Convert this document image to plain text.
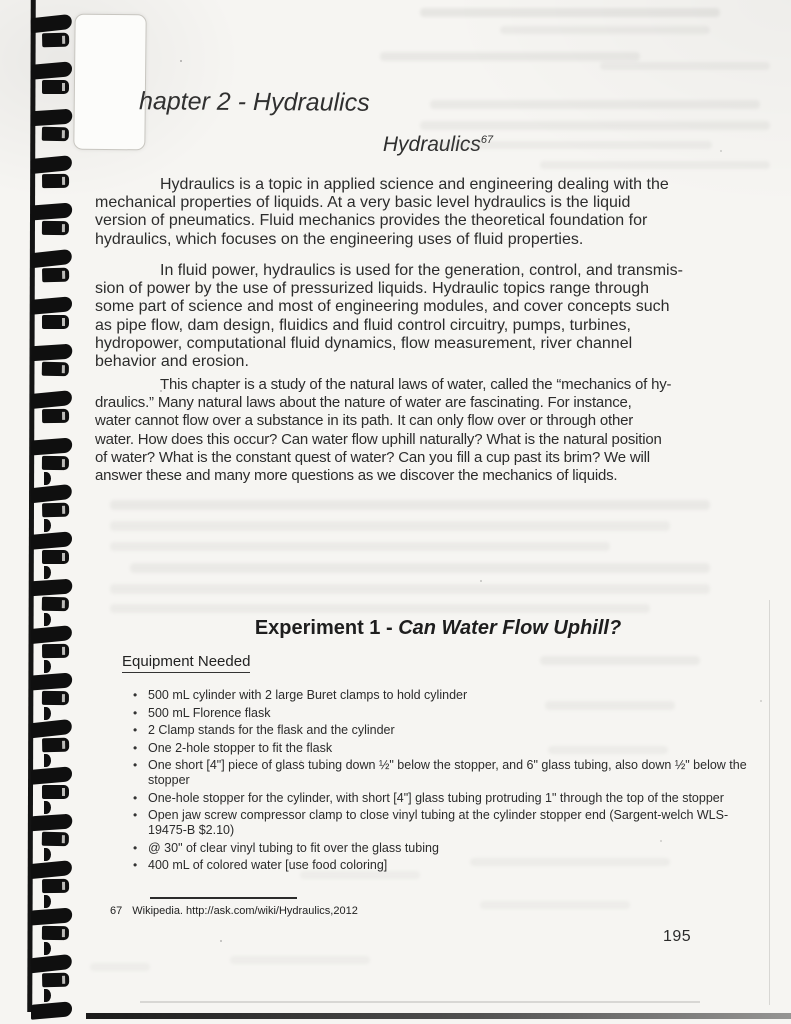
hapter 2 - Hydraulics
Hydraulics$^{67}$
Hydraulics is a topic in applied science and engineering dealing with the
mechanical properties of liquids. At a very basic level hydraulics is the liquid
version of pneumatics. Fluid mechanics provides the theoretical foundation for
hydraulics, which focuses on the engineering uses of fluid properties.
In fluid power, hydraulics is used for the generation, control, and transmis-
sion of power by the use of pressurized liquids. Hydraulic topics range through
some part of science and most of engineering modules, and cover concepts such
as pipe flow, dam design, fluidics and fluid control circuitry, pumps, turbines,
hydropower, computational fluid dynamics, flow measurement, river channel
behavior and erosion.
This chapter is a study of the natural laws of water, called the “mechanics of hy-
draulics.” Many natural laws about the nature of water are fascinating. For instance,
water cannot flow over a substance in its path. It can only flow over or through other
water. How does this occur? Can water flow uphill naturally? What is the natural position
of water? What is the constant quest of water? Can you fill a cup past its brim? We will
answer these and many more questions as we discover the mechanics of liquids.
Experiment 1 - Can Water Flow Uphill?
Equipment Needed
• 500 mL cylinder with 2 large Buret clamps to hold cylinder
• 500 mL Florence flask
• 2 Clamp stands for the flask and the cylinder
• One 2-hole stopper to fit the flask
• One short [4"] piece of glass tubing down ½" below the stopper, and 6" glass tubing, also down ½" below the stopper
• One-hole stopper for the cylinder, with short [4"] glass tubing protruding 1" through the top of the stopper
• Open jaw screw compressor clamp to close vinyl tubing at the cylinder stopper end (Sargent-welch WLS-19475-B $2.10)
• @ 30" of clear vinyl tubing to fit over the glass tubing
• 400 mL of colored water [use food coloring]
67 Wikipedia. http://ask.com/wiki/Hydraulics,2012
195
